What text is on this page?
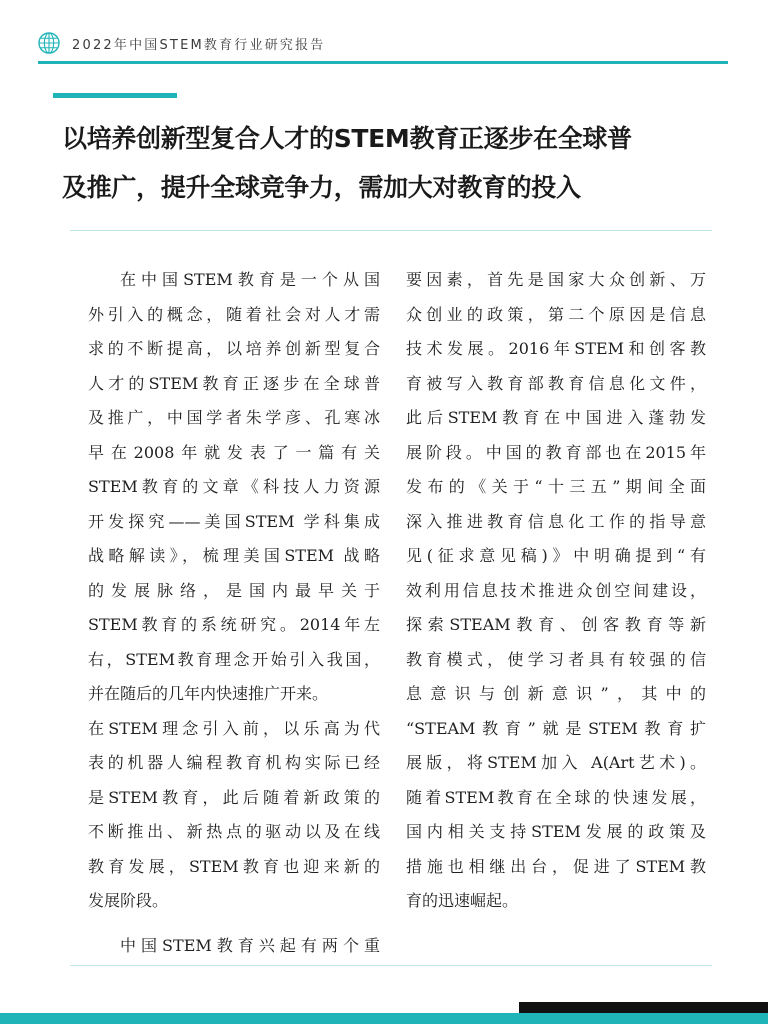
2022年中国STEM教育行业研究报告
以培养创新型复合人才的STEM教育正逐步在全球普
及推广，提升全球竞争力，需加大对教育的投入
在中国STEM教育是一个从国
外引入的概念，随着社会对人才需
求的不断提高，以培养创新型复合
人才的STEM教育正逐步在全球普
及推广，中国学者朱学彦、孔寒冰
早在2008年就发表了一篇有关
STEM教育的文章《科技人力资源
开发探究——美国STEM 学科集成
战略解读》，梳理美国STEM 战略
的发展脉络，是国内最早关于
STEM教育的系统研究。2014年左
右，STEM教育理念开始引入我国，
并在随后的几年内快速推广开来。
在STEM理念引入前，以乐高为代
表的机器人编程教育机构实际已经
是STEM教育，此后随着新政策的
不断推出、新热点的驱动以及在线
教育发展，STEM教育也迎来新的
发展阶段。
中国STEM教育兴起有两个重
要因素，首先是国家大众创新、万
众创业的政策，第二个原因是信息
技术发展。2016年STEM和创客教
育被写入教育部教育信息化文件，
此后STEM教育在中国进入蓬勃发
展阶段。中国的教育部也在2015年
发布的《关于“十三五”期间全面
深入推进教育信息化工作的指导意
见(征求意见稿)》中明确提到“有
效利用信息技术推进众创空间建设，
探索STEAM教育、创客教育等新
教育模式，使学习者具有较强的信
息意识与创新意识”，其中的
“STEAM教育”就是STEM教育扩
展版，将STEM加入 A(Art艺术)。
随着STEM教育在全球的快速发展，
国内相关支持STEM发展的政策及
措施也相继出台，促进了STEM教
育的迅速崛起。
